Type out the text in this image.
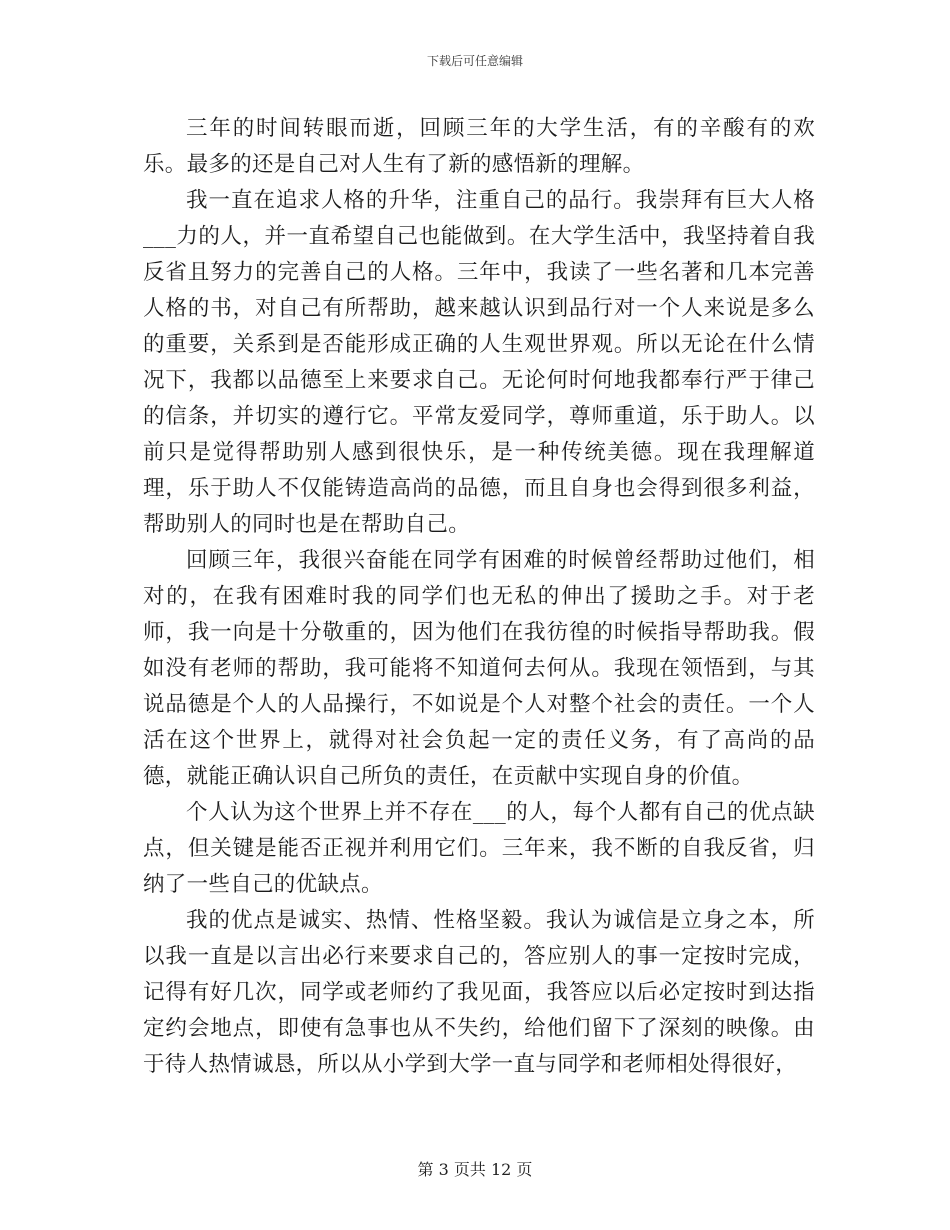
下载后可任意编辑

三年的时间转眼而逝，回顾三年的大学生活，有的辛酸有的欢乐。最多的还是自己对人生有了新的感悟新的理解。

我一直在追求人格的升华，注重自己的品行。我崇拜有巨大人格___力的人，并一直希望自己也能做到。在大学生活中，我坚持着自我反省且努力的完善自己的人格。三年中，我读了一些名著和几本完善人格的书，对自己有所帮助，越来越认识到品行对一个人来说是多么的重要，关系到是否能形成正确的人生观世界观。所以无论在什么情况下，我都以品德至上来要求自己。无论何时何地我都奉行严于律己的信条，并切实的遵行它。平常友爱同学，尊师重道，乐于助人。以前只是觉得帮助别人感到很快乐，是一种传统美德。现在我理解道理，乐于助人不仅能铸造高尚的品德，而且自身也会得到很多利益，帮助别人的同时也是在帮助自己。

回顾三年，我很兴奋能在同学有困难的时候曾经帮助过他们，相对的，在我有困难时我的同学们也无私的伸出了援助之手。对于老师，我一向是十分敬重的，因为他们在我彷徨的时候指导帮助我。假如没有老师的帮助，我可能将不知道何去何从。我现在领悟到，与其说品德是个人的人品操行，不如说是个人对整个社会的责任。一个人活在这个世界上，就得对社会负起一定的责任义务，有了高尚的品德，就能正确认识自己所负的责任，在贡献中实现自身的价值。

个人认为这个世界上并不存在___的人，每个人都有自己的优点缺点，但关键是能否正视并利用它们。三年来，我不断的自我反省，归纳了一些自己的优缺点。

我的优点是诚实、热情、性格坚毅。我认为诚信是立身之本，所以我一直是以言出必行来要求自己的，答应别人的事一定按时完成，记得有好几次，同学或老师约了我见面，我答应以后必定按时到达指定约会地点，即使有急事也从不失约，给他们留下了深刻的映像。由于待人热情诚恳，所以从小学到大学一直与同学和老师相处得很好，

第 3 页共 12 页
